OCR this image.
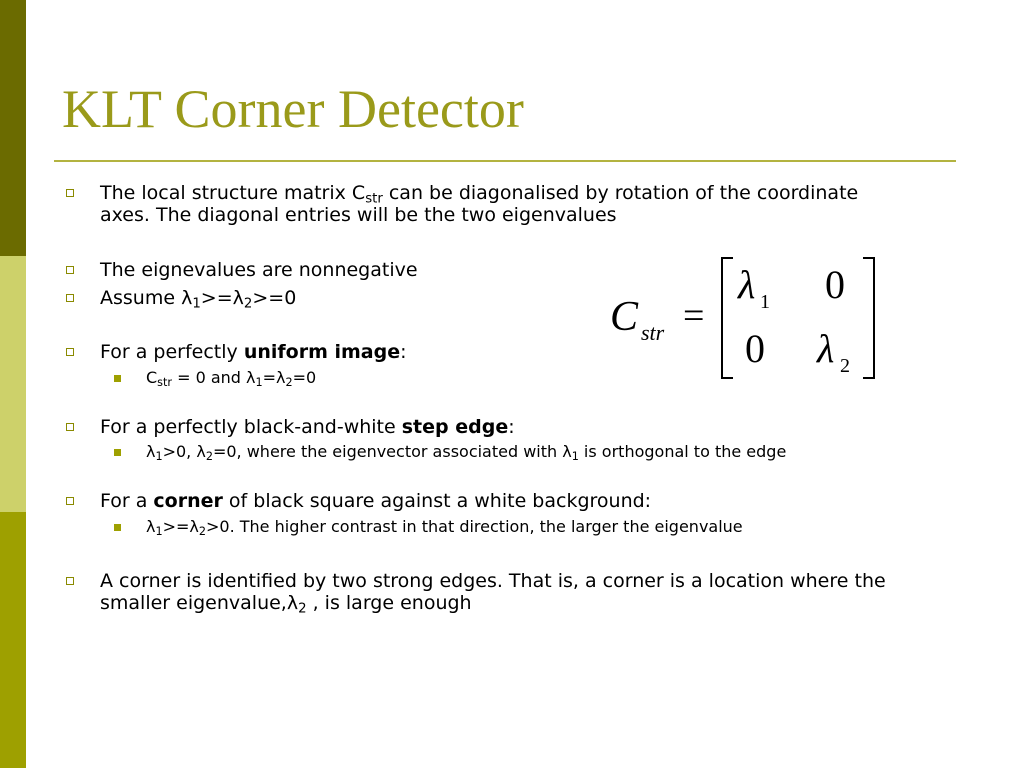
KLT Corner Detector
The local structure matrix $C_{str}$ can be diagonalised by rotation of the coordinate axes. The diagonal entries will be the two eigenvalues
The eignevalues are nonnegative
Assume $\lambda_1>=\lambda_2>=0$
For a perfectly uniform image:
$C_{str} = 0$ and $\lambda_1=\lambda_2=0$
For a perfectly black-and-white step edge:
$\lambda_1>0$, $\lambda_2=0$, where the eigenvector associated with $\lambda_1$ is orthogonal to the edge
For a corner of black square against a white background:
$\lambda_1>=\lambda_2>0$. The higher contrast in that direction, the larger the eigenvalue
A corner is identified by two strong edges. That is, a corner is a location where the smaller $eigenvalue,\lambda_2$ , is large enough
C str =
λ 1 0
0 λ 2
